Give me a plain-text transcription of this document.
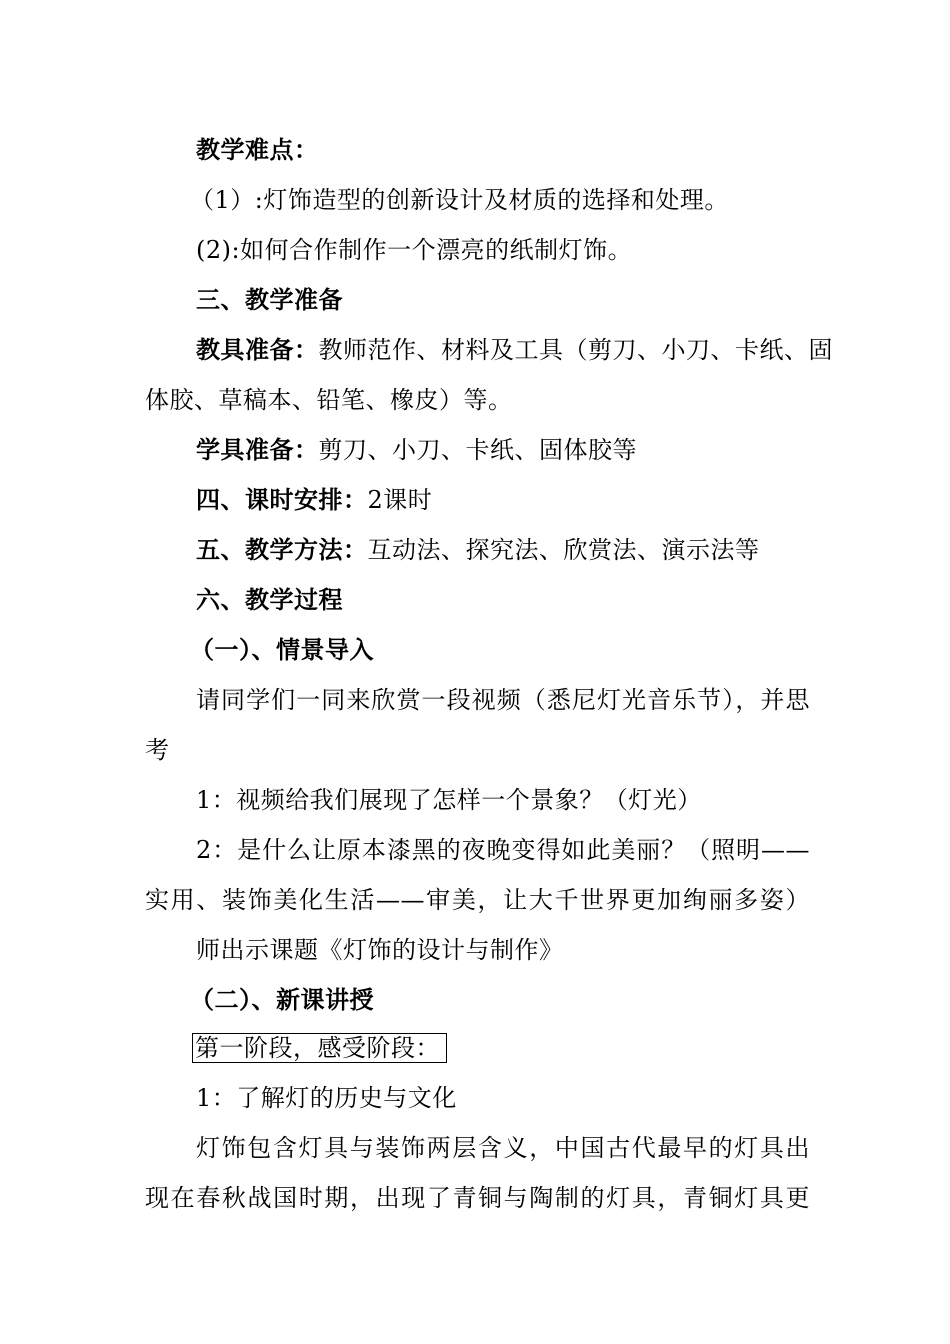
教学难点：
（1）:灯饰造型的创新设计及材质的选择和处理。
(2):如何合作制作一个漂亮的纸制灯饰。
三、教学准备
教具准备：教师范作、材料及工具（剪刀、小刀、卡纸、固
体胶、草稿本、铅笔、橡皮）等。
学具准备：剪刀、小刀、卡纸、固体胶等
四、课时安排：2课时
五、教学方法：互动法、探究法、欣赏法、演示法等
六、教学过程
（一）、情景导入
请同学们一同来欣赏一段视频（悉尼灯光音乐节），并思
考
1：视频给我们展现了怎样一个景象？（灯光）
2：是什么让原本漆黑的夜晚变得如此美丽？（照明——
实用、装饰美化生活——审美，让大千世界更加绚丽多姿）
师出示课题《灯饰的设计与制作》
（二）、新课讲授
第一阶段，感受阶段：
1：了解灯的历史与文化
灯饰包含灯具与装饰两层含义，中国古代最早的灯具出
现在春秋战国时期，出现了青铜与陶制的灯具，青铜灯具更
